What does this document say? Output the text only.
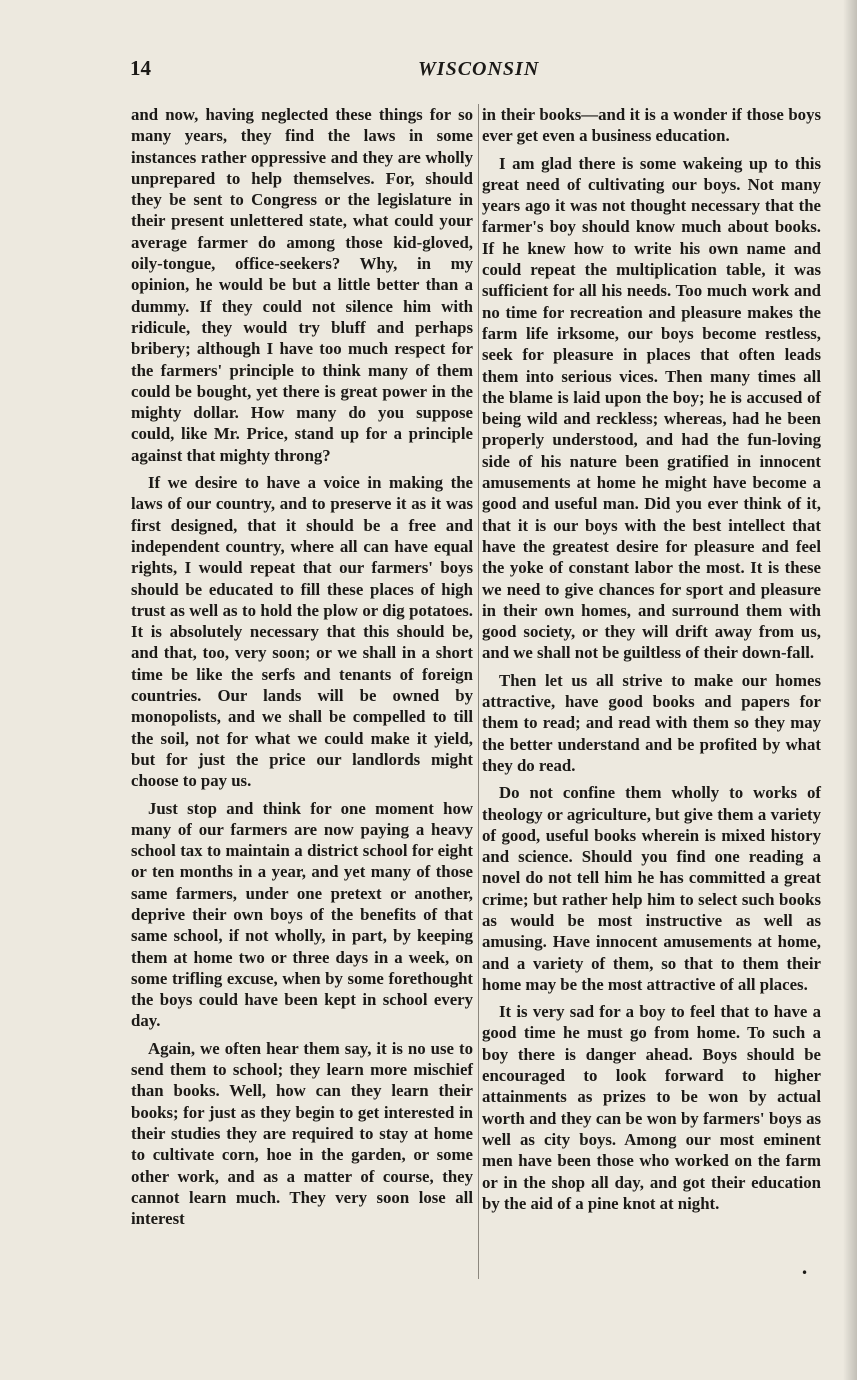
14	WISCONSIN

and now, having neglected these things for so many years, they find the laws in some instances rather oppressive and they are wholly unprepared to help themselves. For, should they be sent to Congress or the legislature in their present unlettered state, what could your average farmer do among those kid-gloved, oily-tongue, office-seekers? Why, in my opinion, he would be but a little better than a dummy. If they could not silence him with ridicule, they would try bluff and perhaps bribery; although I have too much respect for the farmers' principle to think many of them could be bought, yet there is great power in the mighty dollar. How many do you suppose could, like Mr. Price, stand up for a principle against that mighty throng?

If we desire to have a voice in making the laws of our country, and to preserve it as it was first designed, that it should be a free and independent country, where all can have equal rights, I would repeat that our farmers' boys should be educated to fill these places of high trust as well as to hold the plow or dig potatoes. It is absolutely necessary that this should be, and that, too, very soon; or we shall in a short time be like the serfs and tenants of foreign countries. Our lands will be owned by monopolists, and we shall be compelled to till the soil, not for what we could make it yield, but for just the price our landlords might choose to pay us.

Just stop and think for one moment how many of our farmers are now paying a heavy school tax to maintain a district school for eight or ten months in a year, and yet many of those same farmers, under one pretext or another, deprive their own boys of the benefits of that same school, if not wholly, in part, by keeping them at home two or three days in a week, on some trifling excuse, when by some forethought the boys could have been kept in school every day.

Again, we often hear them say, it is no use to send them to school; they learn more mischief than books. Well, how can they learn their books; for just as they begin to get interested in their studies they are required to stay at home to cultivate corn, hoe in the garden, or some other work, and as a matter of course, they cannot learn much. They very soon lose all interest

in their books—and it is a wonder if those boys ever get even a business education.

I am glad there is some wakeing up to this great need of cultivating our boys. Not many years ago it was not thought necessary that the farmer's boy should know much about books. If he knew how to write his own name and could repeat the multiplication table, it was sufficient for all his needs. Too much work and no time for recreation and pleasure makes the farm life irksome, our boys become restless, seek for pleasure in places that often leads them into serious vices. Then many times all the blame is laid upon the boy; he is accused of being wild and reckless; whereas, had he been properly understood, and had the fun-loving side of his nature been gratified in innocent amusements at home he might have become a good and useful man. Did you ever think of it, that it is our boys with the best intellect that have the greatest desire for pleasure and feel the yoke of constant labor the most. It is these we need to give chances for sport and pleasure in their own homes, and surround them with good society, or they will drift away from us, and we shall not be guiltless of their down-fall.

Then let us all strive to make our homes attractive, have good books and papers for them to read; and read with them so they may the better understand and be profited by what they do read.

Do not confine them wholly to works of theology or agriculture, but give them a variety of good, useful books wherein is mixed history and science. Should you find one reading a novel do not tell him he has committed a great crime; but rather help him to select such books as would be most instructive as well as amusing. Have innocent amusements at home, and a variety of them, so that to them their home may be the most attractive of all places.

It is very sad for a boy to feel that to have a good time he must go from home. To such a boy there is danger ahead. Boys should be encouraged to look forward to higher attainments as prizes to be won by actual worth and they can be won by farmers' boys as well as city boys. Among our most eminent men have been those who worked on the farm or in the shop all day, and got their education by the aid of a pine knot at night.

•
